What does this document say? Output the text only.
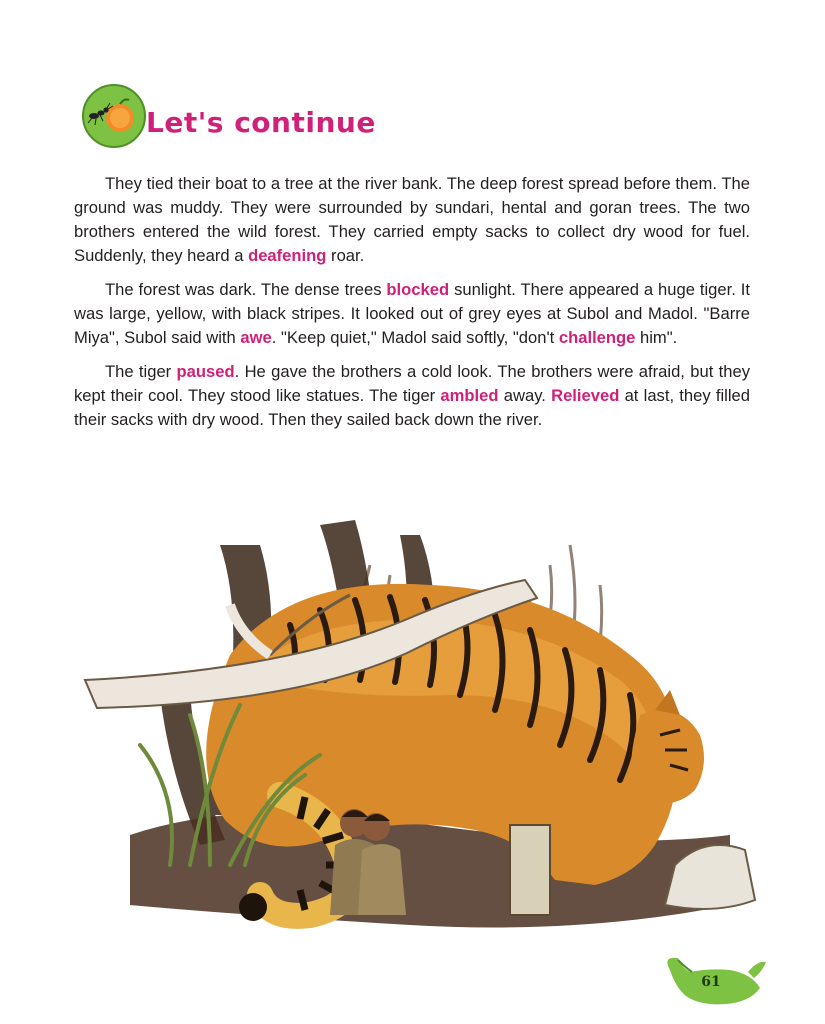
Let's continue

They tied their boat to a tree at the river bank. The deep forest spread before them. The ground was muddy. They were surrounded by sundari, hental and goran trees. The two brothers entered the wild forest. They carried empty sacks to collect dry wood for fuel. Suddenly, they heard a deafening roar.

The forest was dark. The dense trees blocked sunlight. There appeared a huge tiger. It was large, yellow, with black stripes. It looked out of grey eyes at Subol and Madol. "Barre Miya", Subol said with awe. "Keep quiet," Madol said softly, "don't challenge him".

The tiger paused. He gave the brothers a cold look. The brothers were afraid, but they kept their cool. They stood like statues. The tiger ambled away. Relieved at last, they filled their sacks with dry wood. Then they sailed back down the river.

61
